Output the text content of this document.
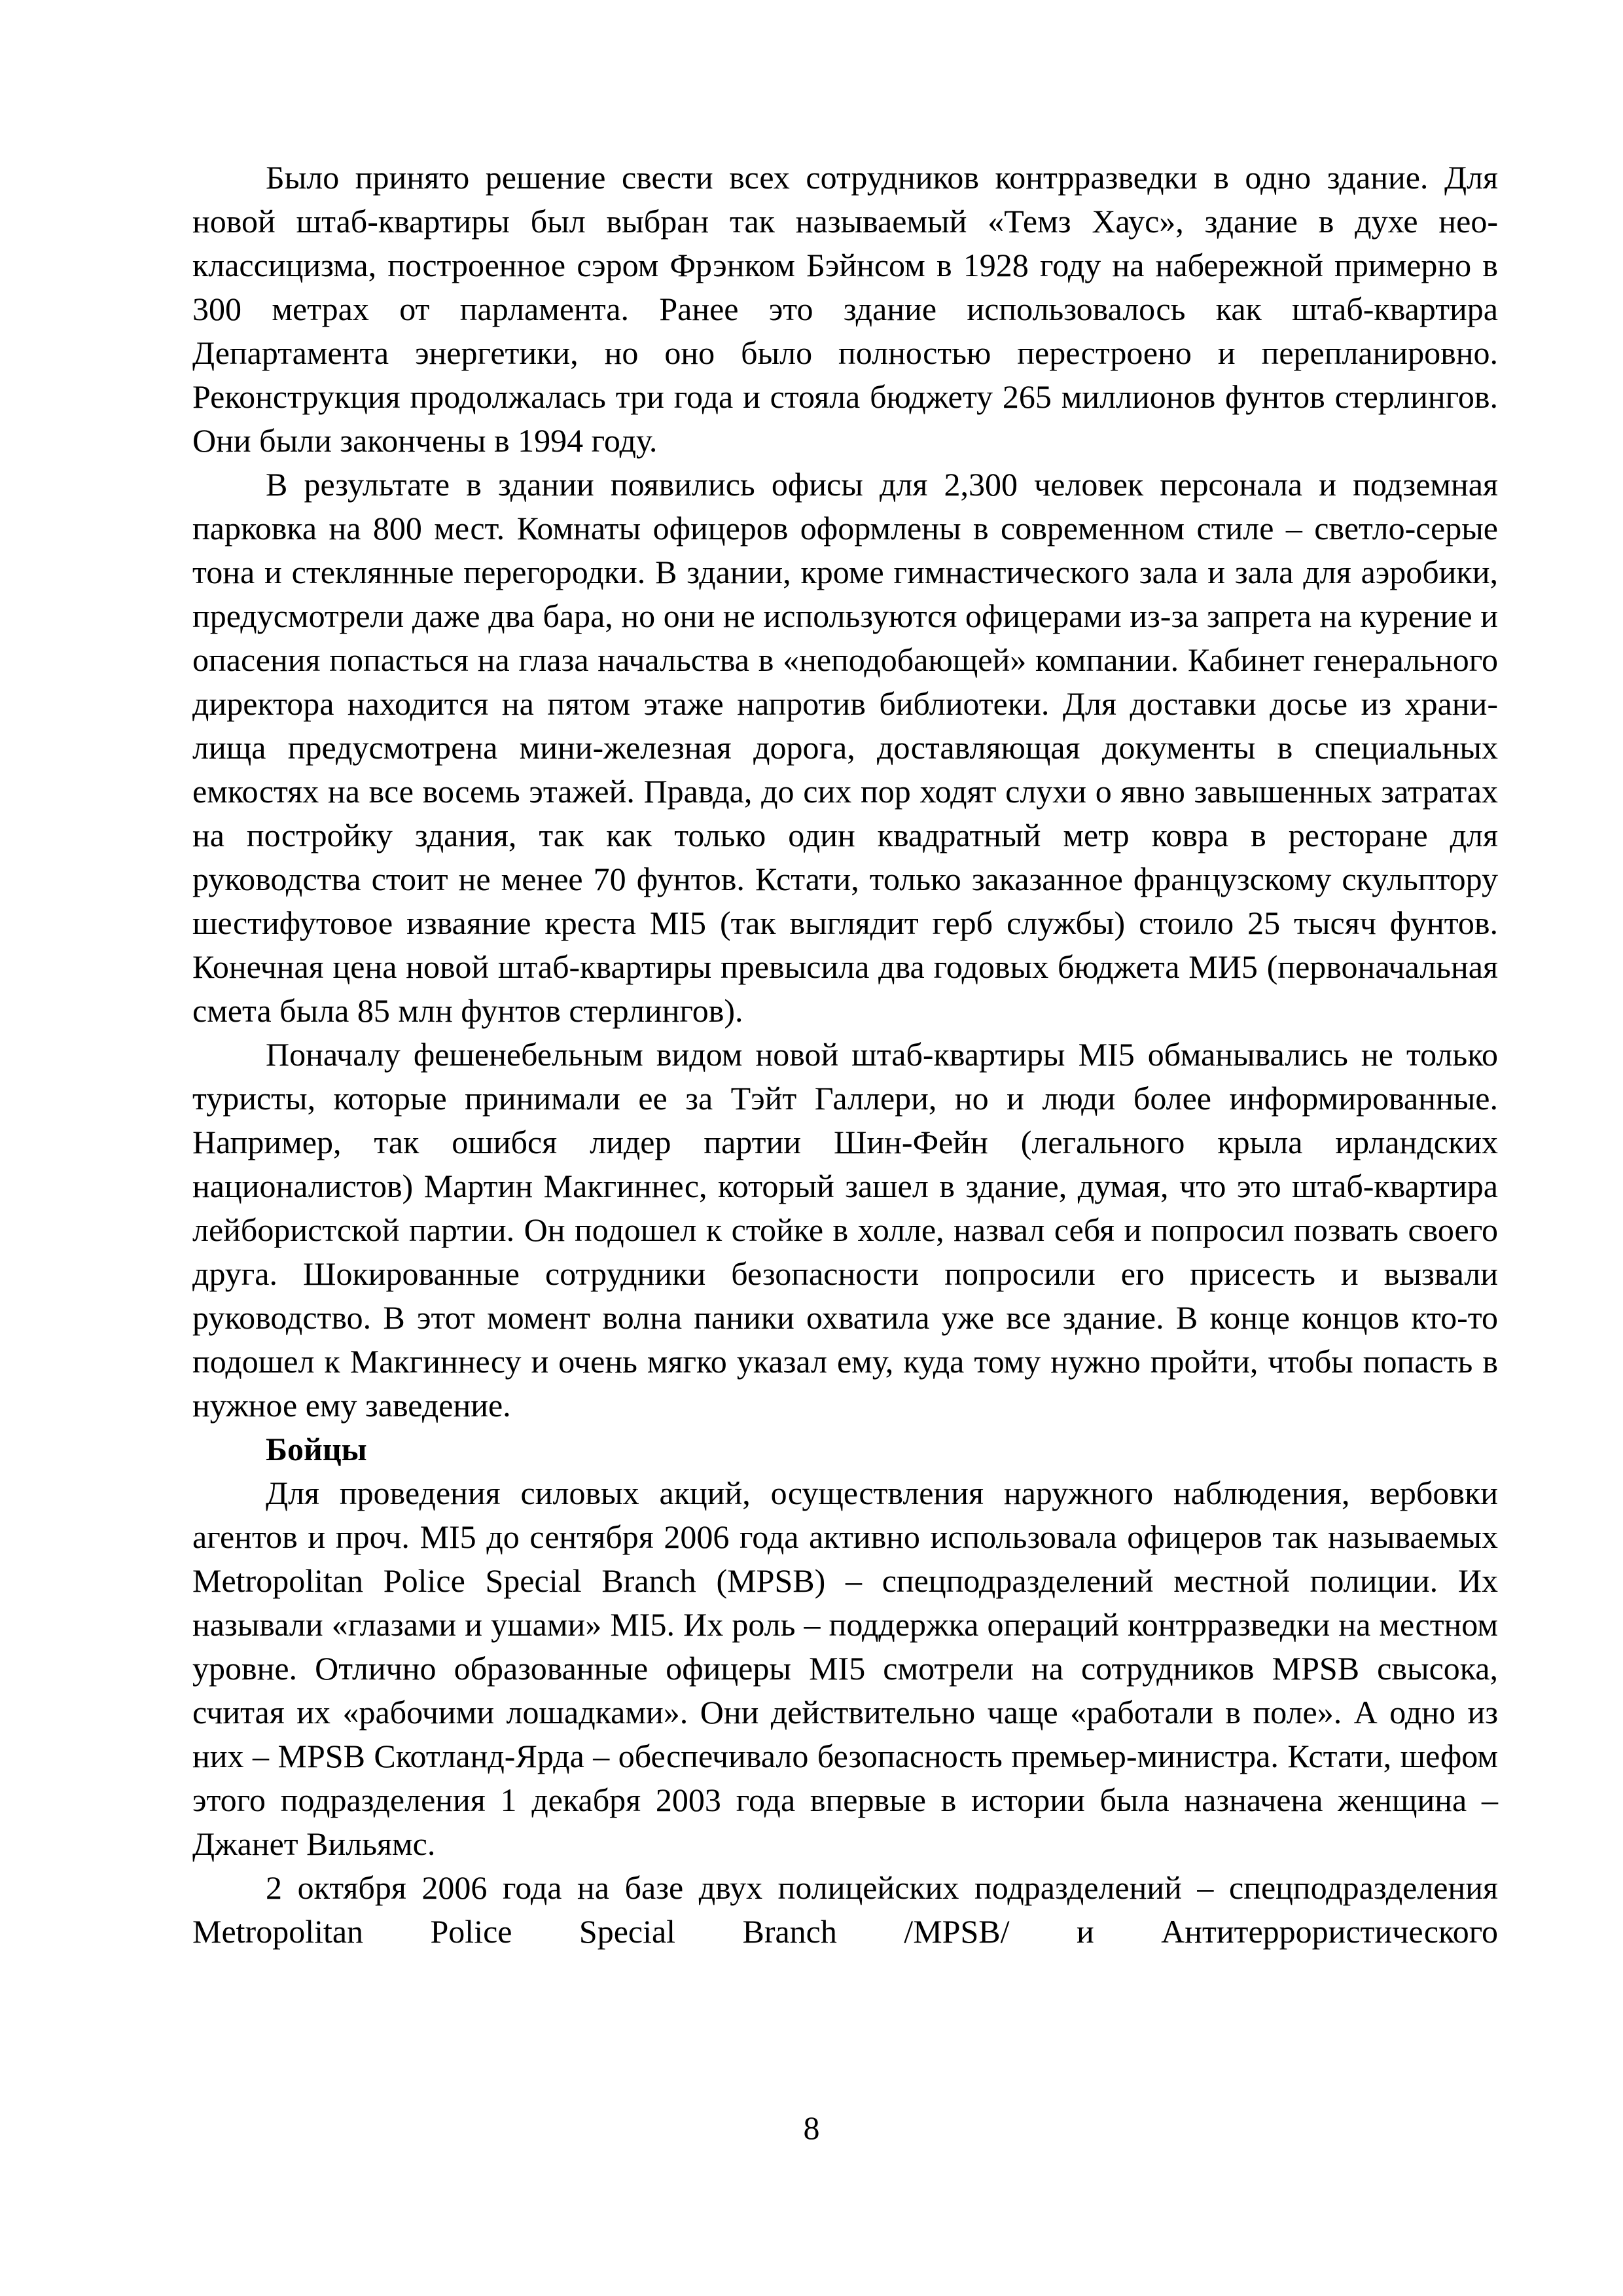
Было принято решение свести всех сотрудников контрразведки в одно здание. Для новой штаб-квартиры был выбран так называемый «Темз Хаус», здание в духе нео-классицизма, построенное сэром Фрэнком Бэйнсом в 1928 году на набережной примерно в 300 метрах от парламента. Ранее это здание использовалось как штаб-квартира Департамента энергетики, но оно было полностью перестроено и перепланировно. Реконструкция продолжалась три года и стояла бюджету 265 миллионов фунтов стерлингов. Они были закончены в 1994 году.

В результате в здании появились офисы для 2,300 человек персонала и подземная парковка на 800 мест. Комнаты офицеров оформлены в современном стиле – светло-серые тона и стеклянные перегородки. В здании, кроме гимнастического зала и зала для аэробики, предусмотрели даже два бара, но они не используются офицерами из-за запрета на курение и опасения попасться на глаза начальства в «неподобающей» компании. Кабинет генерального директора находится на пятом этаже напротив библиотеки. Для доставки досье из хранилища предусмотрена мини-железная дорога, доставляющая документы в специальных емкостях на все восемь этажей. Правда, до сих пор ходят слухи о явно завышенных затратах на постройку здания, так как только один квадратный метр ковра в ресторане для руководства стоит не менее 70 фунтов. Кстати, только заказанное французскому скульптору шестифутовое изваяние креста MI5 (так выглядит герб службы) стоило 25 тысяч фунтов. Конечная цена новой штаб-квартиры превысила два годовых бюджета МИ5 (первоначальная смета была 85 млн фунтов стерлингов).

Поначалу фешенебельным видом новой штаб-квартиры MI5 обманывались не только туристы, которые принимали ее за Тэйт Галлери, но и люди более информированные. Например, так ошибся лидер партии Шин-Фейн (легального крыла ирландских националистов) Мартин Макгиннес, который зашел в здание, думая, что это штаб-квартира лейбористской партии. Он подошел к стойке в холле, назвал себя и попросил позвать своего друга. Шокированные сотрудники безопасности попросили его присесть и вызвали руководство. В этот момент волна паники охватила уже все здание. В конце концов кто-то подошел к Макгиннесу и очень мягко указал ему, куда тому нужно пройти, чтобы попасть в нужное ему заведение.

Бойцы

Для проведения силовых акций, осуществления наружного наблюдения, вербовки агентов и проч. MI5 до сентября 2006 года активно использовала офицеров так называемых Metropolitan Police Special Branch (MPSB) – спецподразделений местной полиции. Их называли «глазами и ушами» MI5. Их роль – поддержка операций контрразведки на местном уровне. Отлично образованные офицеры MI5 смотрели на сотрудников MPSB свысока, считая их «рабочими лошадками». Они действительно чаще «работали в поле». А одно из них – MPSB Скотланд-Ярда – обеспечивало безопасность премьер-министра. Кстати, шефом этого подразделения 1 декабря 2003 года впервые в истории была назначена женщина – Джанет Вильямс.

2 октября 2006 года на базе двух полицейских подразделений – спецподразделения Metropolitan Police Special Branch /MPSB/ и Антитеррористического

8
